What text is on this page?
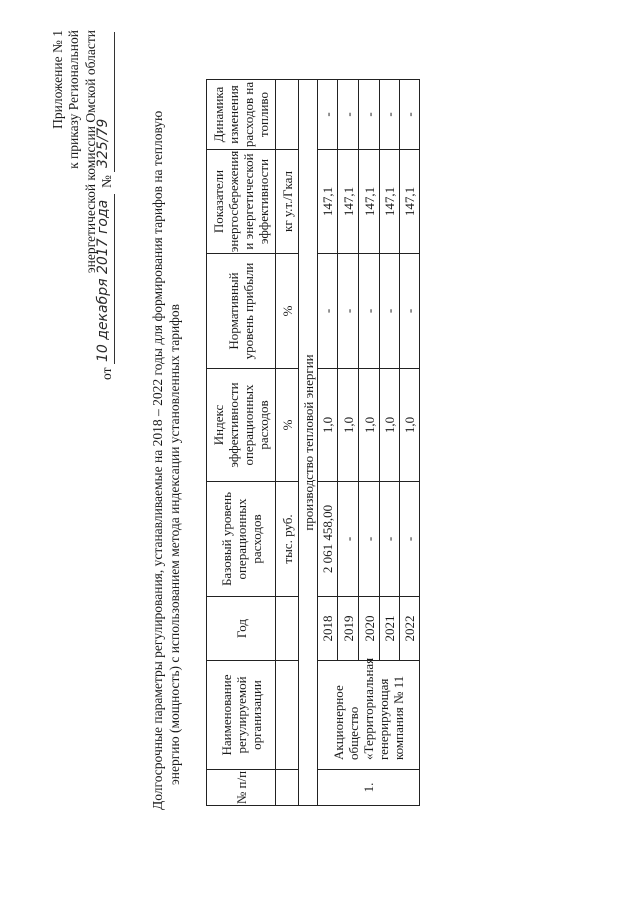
Приложение № 1 к приказу Региональной энергетической комиссии Омской области
от
10 декабря 2017 года
№
325/79	Долгосрочные параметры регулирования, устанавливаемые на 2018 – 2022 годы для формирования тарифов на тепловую энергию (мощность) с использованием метода индексации установленных тарифов
№ п/п
Наименование регулируемой организации
Год
Базовый уровень операционных расходов
Индекс эффективности операционных расходов
Нормативный уровень прибыли
Показатели энергосбережения и энергетической эффективности
Динамика изменения расходов на топливо
тыс. руб.
%
%
кг у.т./Гкал
производство тепловой энергии
1.
Акционерное общество «Территориальная генерирующая компания № 11
2018
2 061 458,00
1,0
-
147,1
-
2019
-
1,0
-
147,1
-
2020
-
1,0
-
147,1
-
2021
-
1,0
-
147,1
-
2022
-
1,0
-
147,1
-
